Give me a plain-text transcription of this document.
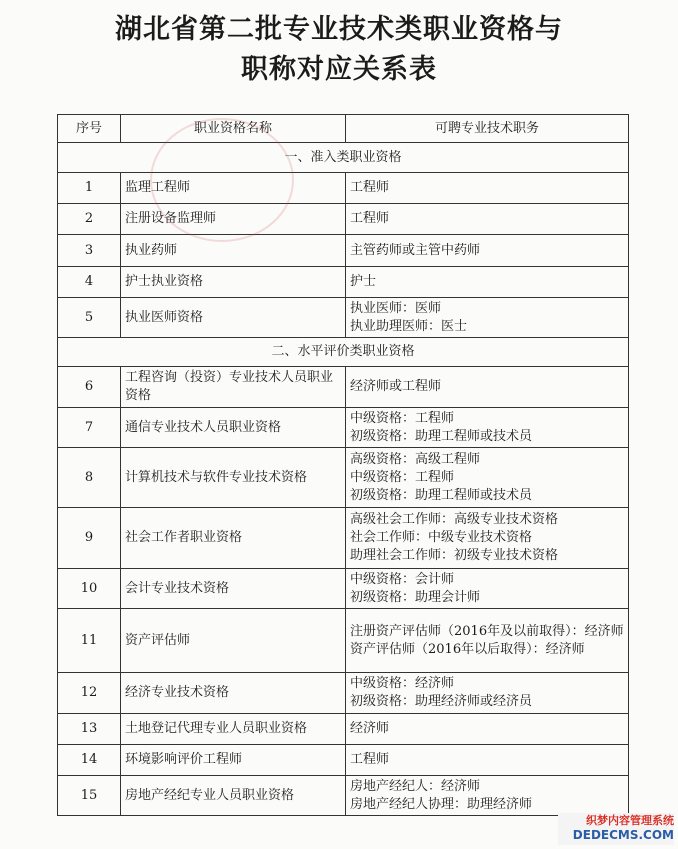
湖北省第二批专业技术类职业资格与
职称对应关系表
序号	职业资格名称	可聘专业技术职务
一、准入类职业资格		
1	监理工程师	工程师

2	注册设备监理师	工程师

3	执业药师	主管药师或主管中药师

4	护士执业资格	护士

5	执业医师资格	执业医师：医师
执业助理医师：医士

二、水平评价类职业资格		
6	工程咨询（投资）专业技术人员职业资格	经济师或工程师

7	通信专业技术人员职业资格	中级资格：工程师
初级资格：助理工程师或技术员

8	计算机技术与软件专业技术资格	高级资格：高级工程师
中级资格：工程师
初级资格：助理工程师或技术员

9	社会工作者职业资格	高级社会工作师：高级专业技术资格
社会工作师：中级专业技术资格
助理社会工作师：初级专业技术资格

10	会计专业技术资格	中级资格：会计师
初级资格：助理会计师

11	资产评估师	注册资产评估师（2016年及以前取得）：经济师
资产评估师（2016年以后取得）：经济师

12	经济专业技术资格	中级资格：经济师
初级资格：助理经济师或经济员

13	土地登记代理专业人员职业资格	经济师

14	环境影响评价工程师	工程师

15	房地产经纪专业人员职业资格	房地产经纪人：经济师
房地产经纪人协理：助理经济师
织梦内容管理系统
DEDECMS.COM
